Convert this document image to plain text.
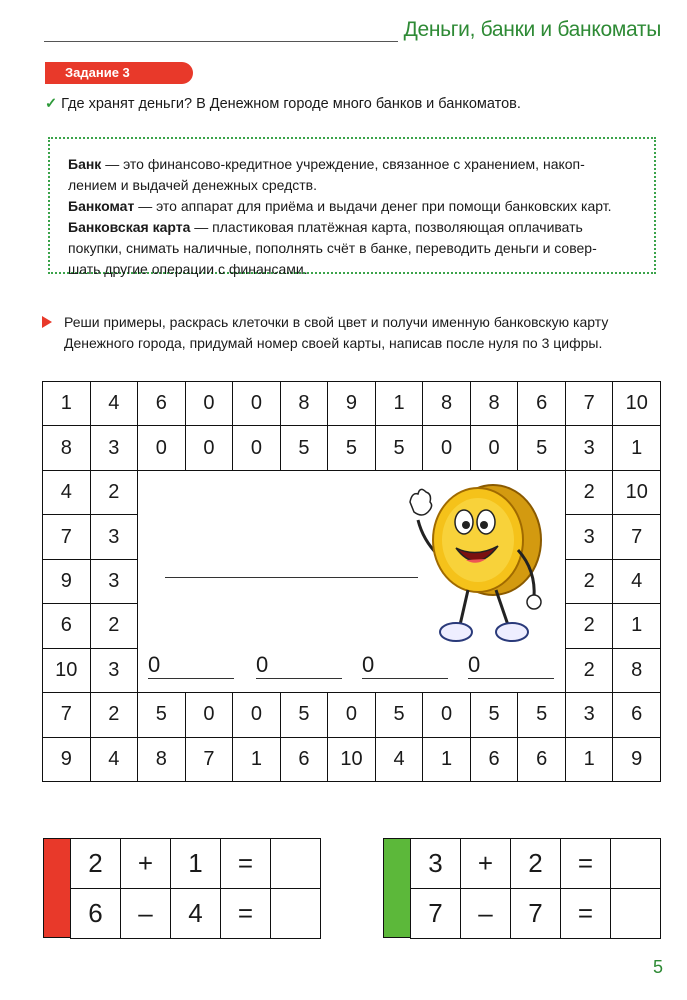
Деньги, банки и банкоматы
Задание 3
✓ Где хранят деньги? В Денежном городе много банков и банкоматов.

Банк — это финансово-кредитное учреждение, связанное с хранением, накоп-
лением и выдачей денежных средств.

Банкомат — это аппарат для приёма и выдачи денег при помощи банковских карт.

Банковская карта — пластиковая платёжная карта, позволяющая оплачивать
покупки, снимать наличные, пополнять счёт в банке, переводить деньги и совер-
шать другие операции с финансами.

Реши примеры, раскрась клеточки в свой цвет и получи именную банковскую карту
Денежного города, придумай номер своей карты, написав после нуля по 3 цифры.
1	4	6	0	0	8	9	1	8	8	6	7	10
8	3	0	0	0	5	5	5	0	0	5	3	1
4	2	2	10
7	3	3	7
9	3	2	4
6	2	2	1
10	3	2	8
7	2	5	0	0	5	0	5	0	5	5	3	6
9	4	8	7	1	6	10	4	1	6	6	1	9
0	0	0	0
2	+	1	=
6	–	4	=
3	+	2	=
7	–	7	=
5
